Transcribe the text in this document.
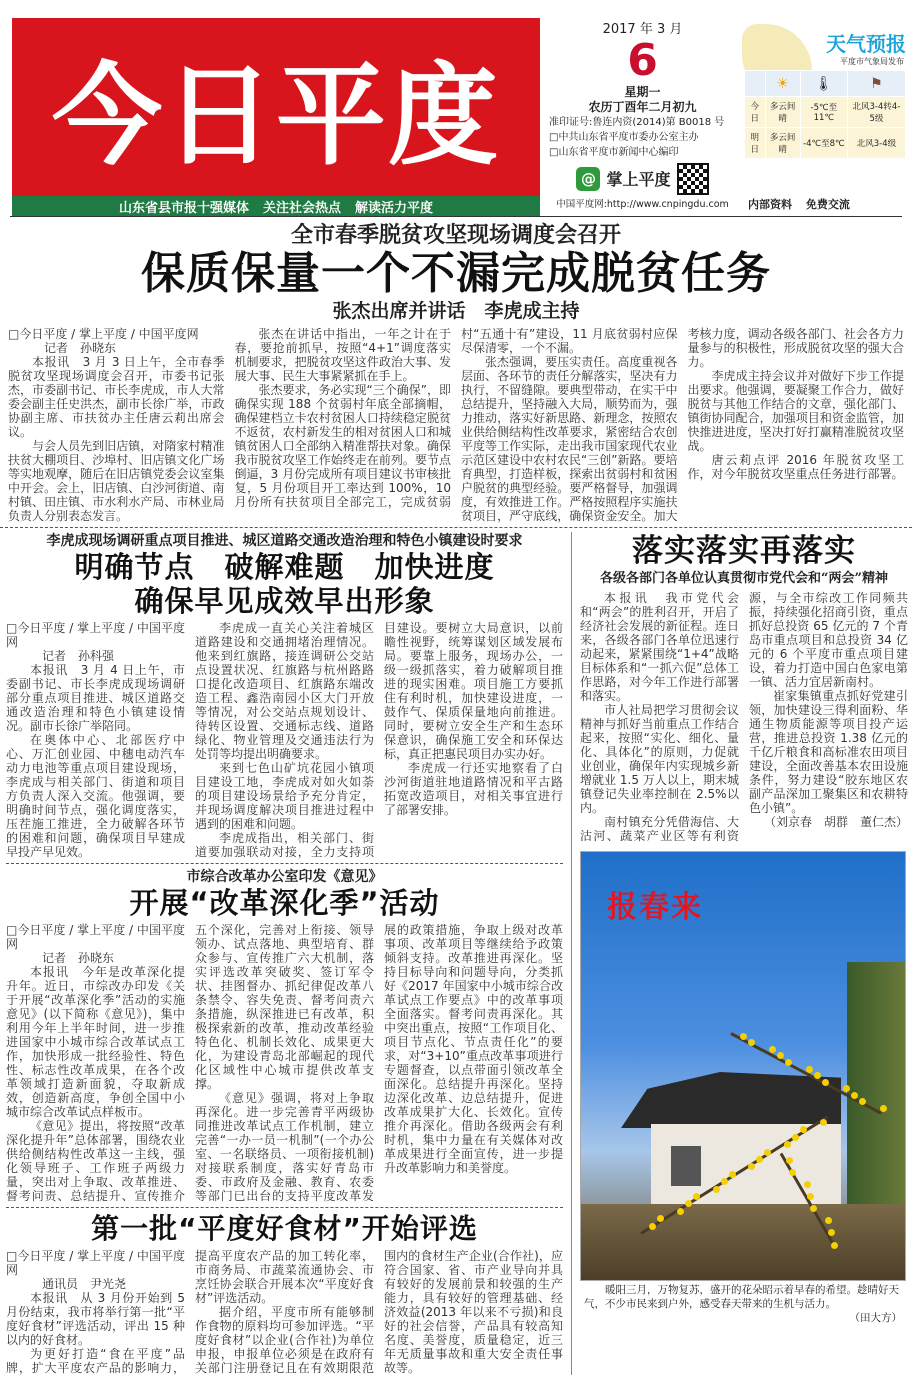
今日平度
山东省县市报十强媒体 关注社会热点 解读活力平度
2017 年 3 月
6
星期一
农历丁酉年二月初九
准印证号:鲁连内资(2014)第 B0018 号
□中共山东省平度市委办公室主办
□山东省平度市新闻中心编印
@ 掌上平度
中国平度网:http://www.cnpingdu.com
天气预报
平度市气象局发布
	☀	🌡	⚑
今日	多云间晴	-5℃至11℃	北风3-4转4-5级
明日	多云间晴	-4℃至8℃	北风3-4级
内部资料 免费交流
全市春季脱贫攻坚现场调度会召开
保质保量一个不漏完成脱贫任务
张杰出席并讲话　李虎成主持

□今日平度 / 掌上平度 / 中国平度网

记者　孙晓东

本报讯　3 月 3 日上午，全市春季脱贫攻坚现场调度会召开，市委书记张杰，市委副书记、市长李虎成，市人大常委会副主任史洪杰，副市长徐广举，市政协副主席、市扶贫办主任唐云莉出席会议。

与会人员先到旧店镇，对隋家村精准扶贫大棚项目、沙埠村、旧店镇文化广场等实地观摩，随后在旧店镇党委会议室集中开会。会上，旧店镇、白沙河街道、南村镇、田庄镇、市水利水产局、市林业局负责人分别表态发言。

张杰在讲话中指出，一年之计在于春，要抢前抓早，按照“4+1”调度落实机制要求，把脱贫攻坚这件政治大事、发展大事、民生大事紧紧抓在手上。

张杰要求，务必实现“三个确保”，即确保实现 188 个贫弱村年底全部摘帽，确保建档立卡农村贫困人口持续稳定脱贫不返贫，农村新发生的相对贫困人口和城镇贫困人口全部纳入精准帮扶对象。确保我市脱贫攻坚工作始终走在前列。要节点倒逼，3 月份完成所有项目建议书审核批复，5 月份项目开工率达到 100%，10 月份所有扶贫项目全部完工，完成贫弱村“五通十有”建设，11 月底贫弱村应保尽保清零，一个不漏。

张杰强调，要压实责任。高度重视各层面、各环节的责任分解落实，坚决有力执行，不留缝隙。要典型带动，在实干中总结提升，坚持融入大局，顺势而为，强力推动，落实好新思路、新理念，按照农业供给侧结构性改革要求，紧密结合农创平度等工作实际，走出我市国家现代农业示范区建设中农村农民“三创”新路。要培育典型，打造样板，探索出贫弱村和贫困户脱贫的典型经验。要严格督导，加强调度，有效推进工作。严格按照程序实施扶贫项目，严守底线，确保资金安全。加大考核力度，调动各级各部门、社会各方力量参与的积极性，形成脱贫攻坚的强大合力。

李虎成主持会议并对做好下步工作提出要求。他强调，要凝聚工作合力，做好脱贫与其他工作结合的文章，强化部门、镇街协同配合，加强项目和资金监管，加快推进进度，坚决打好打赢精准脱贫攻坚战。

唐云莉点评 2016 年脱贫攻坚工作，对今年脱贫攻坚重点任务进行部署。

李虎成现场调研重点项目推进、城区道路交通改造治理和特色小镇建设时要求
明确节点　破解难题　加快进度
确保早见成效早出形象

□今日平度 / 掌上平度 / 中国平度网

记者　孙科强

本报讯　3 月 4 日上午，市委副书记、市长李虎成现场调研部分重点项目推进、城区道路交通改造治理和特色小镇建设情况。副市长徐广举陪同。

在奥体中心、北部医疗中心、万汇创业园、中穗电动汽车动力电池等重点项目建设现场，李虎成与相关部门、街道和项目方负责人深入交流。他强调，要明确时间节点，强化调度落实，压茬施工推进，全力破解各环节的困难和问题，确保项目早建成早投产早见效。

李虎成一直关心关注着城区道路建设和交通拥堵治理情况。他来到红旗路，接连调研公交站点设置状况、红旗路与杭州路路口提化改造项目、红旗路东端改造工程、鑫浩南园小区大门开放等情况，对公交站点规划设计、待转区设置、交通标志线、道路绿化、物业管理及交通违法行为处罚等均提出明确要求。

来到七色山矿坑花园小镇项目建设工地，李虎成对如火如荼的项目建设场景给予充分肯定，并现场调度解决项目推进过程中遇到的困难和问题。

李虎成指出，相关部门、街道要加强联动对接，全力支持项目建设。要树立大局意识，以前瞻性视野，统筹谋划区域发展布局。要靠上服务，现场办公，一级一级抓落实，着力破解项目推进的现实困难。项目施工方要抓住有利时机，加快建设进度，一鼓作气、保质保量地向前推进。同时，要树立安全生产和生态环保意识，确保施工安全和环保达标，真正把惠民项目办实办好。

李虎成一行还实地察看了白沙河街道驻地道路情况和平古路拓宽改造项目，对相关事宜进行了部署安排。

市综合改革办公室印发《意见》
开展“改革深化季”活动

□今日平度 / 掌上平度 / 中国平度网

记者　孙晓东

本报讯　今年是改革深化提升年。近日，市综改办印发《关于开展“改革深化季”活动的实施意见》(以下简称《意见》)，集中利用今年上半年时间，进一步推进国家中小城市综合改革试点工作，加快形成一批经验性、特色性、标志性改革成果，在各个改革领域打造新面貌，夺取新成效，创造新高度，争创全国中小城市综合改革试点样板市。

《意见》提出，将按照“改革深化提升年”总体部署，围绕农业供给侧结构性改革这一主线，强化领导班子、工作班子两级力量，突出对上争取、改革推进、督考问责、总结提升、宣传推介五个深化，完善对上衔接、领导领办、试点落地、典型培育、群众参与、宣传推广六大机制，落实评选改革突破奖、签订军令状、挂图督办、抓纪律促改革八条禁令、容失免责、督考问责六条措施，纵深推进已有改革，积极探索新的改革，推动改革经验特色化、机制长效化、成果更大化，为建设青岛北部崛起的现代化区域性中心城市提供改革支撑。

《意见》强调，将对上争取再深化。进一步完善青平两级协同推进改革试点工作机制，建立完善“一办一员一机制”(一个办公室、一名联络员、一项衔接机制)对接联系制度，落实好青岛市委、市政府及金融、教育、农委等部门已出台的支持平度改革发展的政策措施，争取上级对改革事项、改革项目等继续给予政策倾斜支持。改革推进再深化。坚持目标导向和问题导向，分类抓好《2017 年国家中小城市综合改革试点工作要点》中的改革事项全面落实。督考问责再深化。其中突出重点，按照“工作项目化、项目节点化、节点责任化”的要求，对“3+10”重点改革事项进行专题督查，以点带面引领改革全面深化。总结提升再深化。坚持边深化改革、边总结提升，促进改革成果扩大化、长效化。宣传推介再深化。借助各级两会有利时机，集中力量在有关媒体对改革成果进行全面宣传，进一步提升改革影响力和美誉度。

第一批“平度好食材”开始评选

□今日平度 / 掌上平度 / 中国平度网

通讯员　尹光尧

本报讯　从 3 月份开始到 5 月份结束，我市将举行第一批“平度好食材”评选活动，评出 15 种以内的好食材。

为更好打造“食在平度”品牌，扩大平度农产品的影响力，提高平度农产品的加工转化率，市商务局、市蔬菜流通协会、市烹饪协会联合开展本次“平度好食材”评选活动。

据介绍，平度市所有能够制作食物的原料均可参加评选。“平度好食材”以企业(合作社)为单位申报，申报单位必须是在政府有关部门注册登记且在有效期限范围内的食材生产企业(合作社)，应符合国家、省、市产业导向并具有较好的发展前景和较强的生产能力，具有较好的管理基础、经济效益(2013 年以来不亏损)和良好的社会信誉，产品具有较高知名度、美誉度，质量稳定，近三年无质量事故和重大安全责任事故等。

落实落实再落实
各级各部门各单位认真贯彻市党代会和“两会”精神

本报讯　我市党代会和“两会”的胜利召开，开启了经济社会发展的新征程。连日来，各级各部门各单位迅速行动起来，紧紧围绕“1+4”战略目标体系和“一抓六促”总体工作思路，对今年工作进行部署和落实。

市人社局把学习贯彻会议精神与抓好当前重点工作结合起来，按照“实化、细化、量化、具体化”的原则，力促就业创业，确保年内实现城乡新增就业 1.5 万人以上，期末城镇登记失业率控制在 2.5%以内。

南村镇充分凭借海信、大沽河、蔬菜产业区等有利资源，与全市综改工作同频共振，持续强化招商引资，重点抓好总投资 65 亿元的 7 个青岛市重点项目和总投资 34 亿元的 6 个平度市重点项目建设，着力打造中国白色家电第一镇、活力宜居新南村。

崔家集镇重点抓好党建引领，加快建设三得利面粉、华通生物质能源等项目投产运营，推进总投资 1.38 亿元的千亿斤粮食和高标准农田项目建设，全面改善基本农田设施条件，努力建设“胶东地区农副产品深加工聚集区和农耕特色小镇”。

（刘京春　胡群　董仁杰）

报春来
暖阳三月，万物复苏，盛开的花朵昭示着早春的希望。趁晴好天气，不少市民来到户外，感受春天带来的生机与活力。
（田大方）
